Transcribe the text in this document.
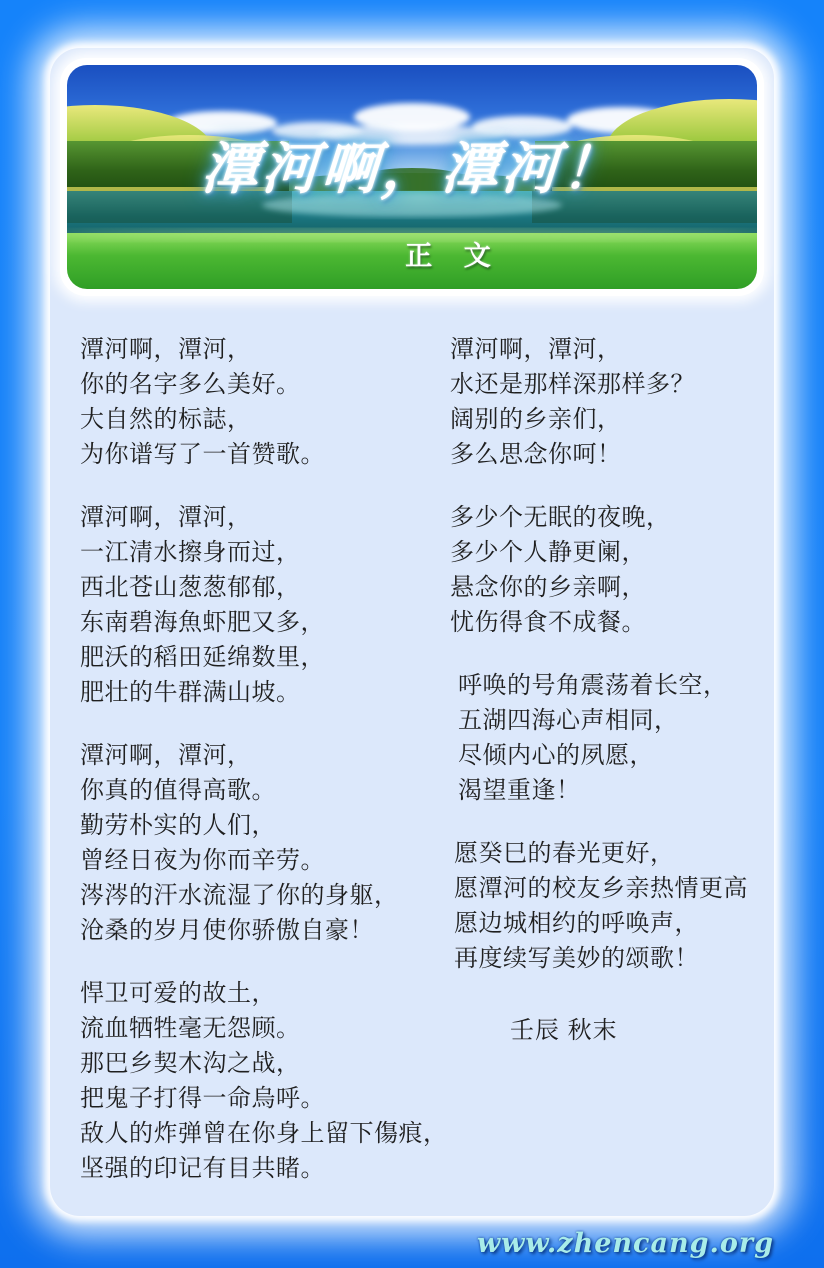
潭河啊，潭河！
正 文

潭河啊，潭河，

你的名字多么美好。

大自然的标誌，

为你谱写了一首赞歌。

潭河啊，潭河，

一江清水擦身而过，

西北苍山葱葱郁郁，

东南碧海魚虾肥又多，

肥沃的稻田延绵数里，

肥壮的牛群满山坡。

潭河啊，潭河，

你真的值得高歌。

勤劳朴实的人们，

曾经日夜为你而辛劳。

涔涔的汗水流湿了你的身躯，

沧桑的岁月使你骄傲自豪！

悍卫可爱的故土，

流血牺牲毫无怨顾。

那巴乡契木沟之战，

把鬼子打得一命烏呼。

敌人的炸弹曾在你身上留下傷痕，

坚强的印记有目共睹。

潭河啊，潭河，

水还是那样深那样多？

阔别的乡亲们，

多么思念你呵！

多少个无眠的夜晚，

多少个人静更阑，

悬念你的乡亲啊，

忧伤得食不成餐。

呼唤的号角震荡着长空，

五湖四海心声相同，

尽倾内心的夙愿，

渴望重逢！

愿癸巳的春光更好，

愿潭河的校友乡亲热情更高

愿边城相约的呼唤声，

再度续写美妙的颂歌！

壬辰 秋末
www.zhencang.org
